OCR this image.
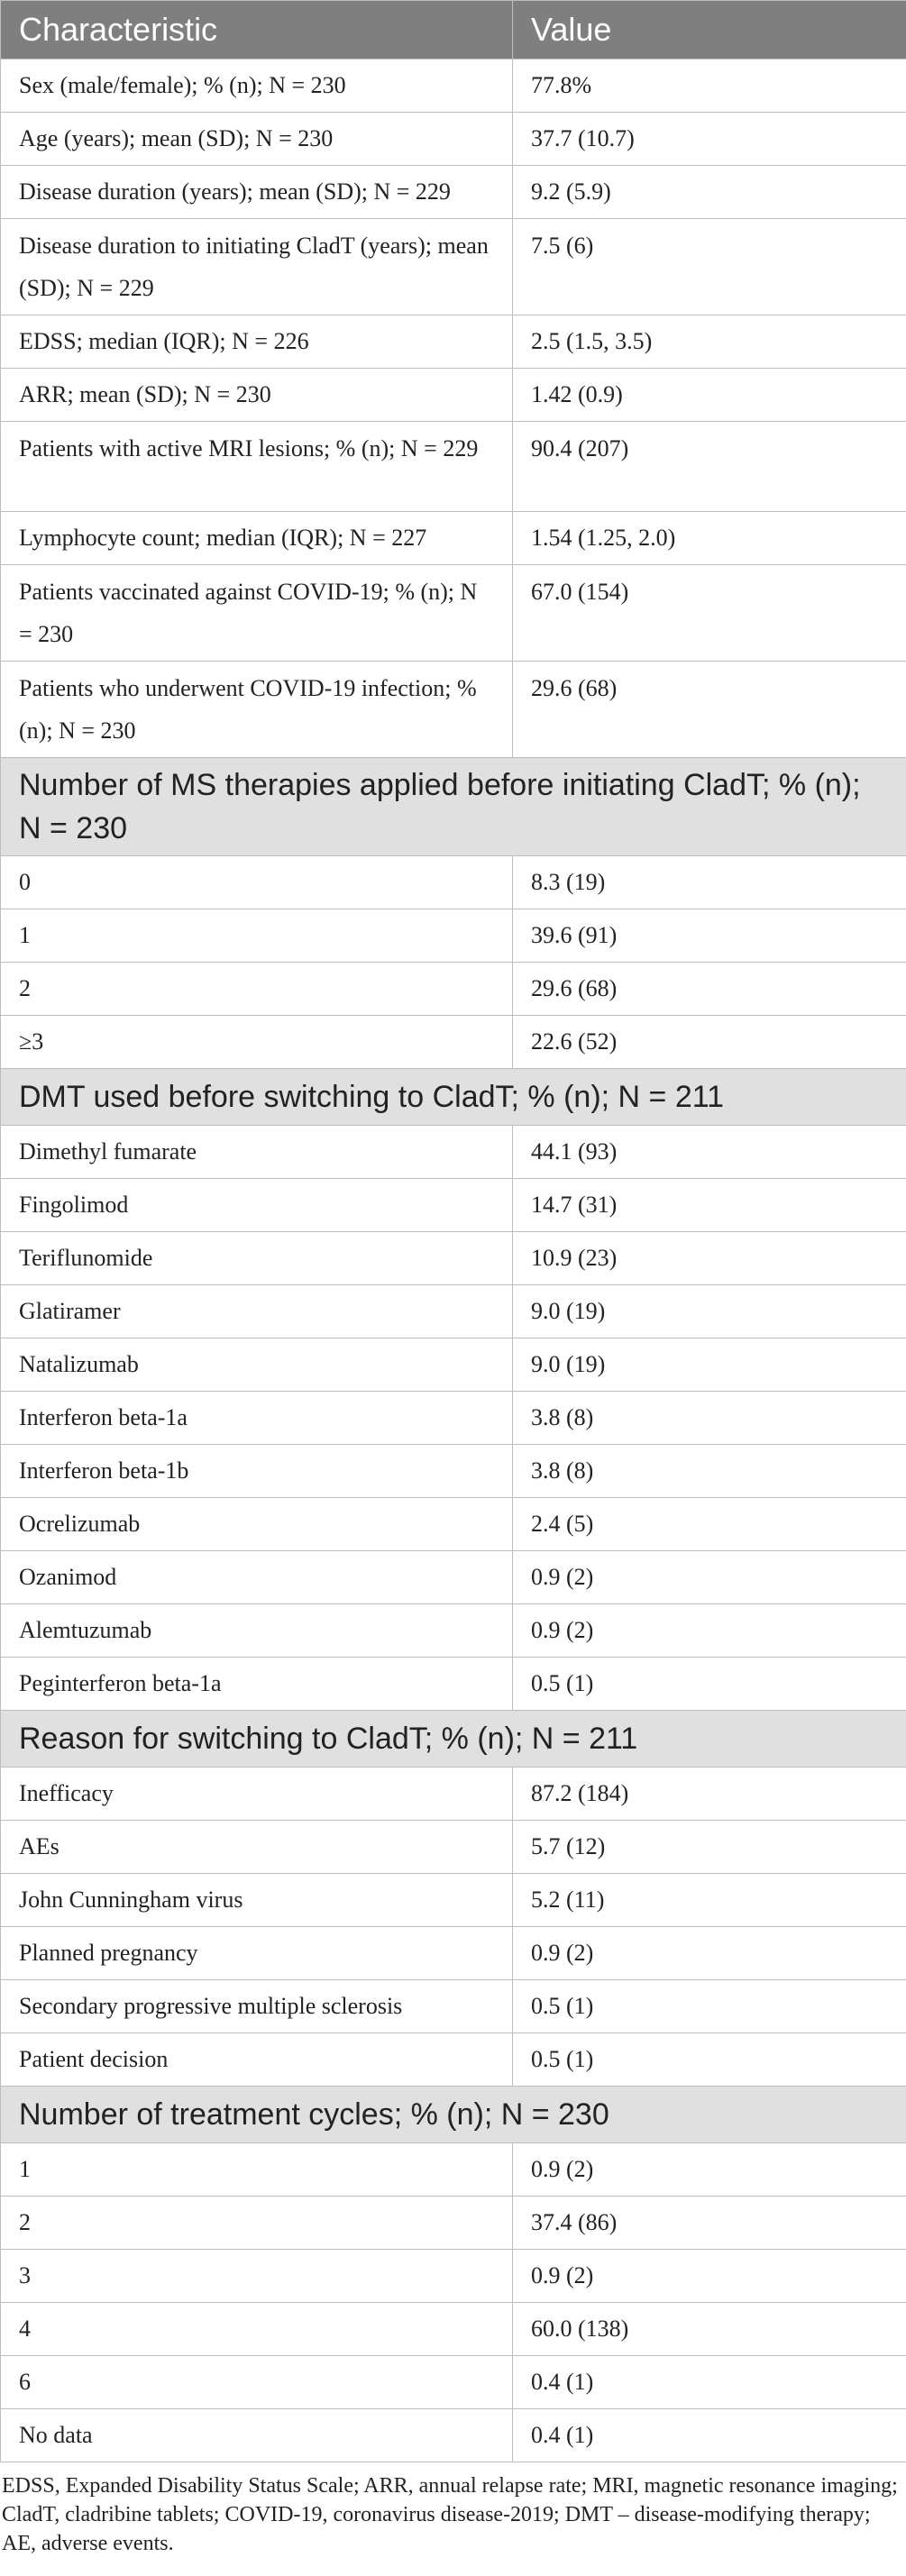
Characteristic	Value
Sex (male/female); % (n); N = 230	77.8%
Age (years); mean (SD); N = 230	37.7 (10.7)
Disease duration (years); mean (SD); N = 229	9.2 (5.9)
Disease duration to initiating CladT (years); mean (SD); N = 229	7.5 (6)
EDSS; median (IQR); N = 226	2.5 (1.5, 3.5)
ARR; mean (SD); N = 230	1.42 (0.9)
Patients with active MRI lesions; % (n); N = 229	90.4 (207)
Lymphocyte count; median (IQR); N = 227	1.54 (1.25, 2.0)
Patients vaccinated against COVID-19; % (n); N = 230	67.0 (154)
Patients who underwent COVID-19 infection; % (n); N = 230	29.6 (68)
Number of MS therapies applied before initiating CladT; % (n); N = 230	
0	8.3 (19)
1	39.6 (91)
2	29.6 (68)
≥3	22.6 (52)
DMT used before switching to CladT; % (n); N = 211	
Dimethyl fumarate	44.1 (93)
Fingolimod	14.7 (31)
Teriflunomide	10.9 (23)
Glatiramer	9.0 (19)
Natalizumab	9.0 (19)
Interferon beta-1a	3.8 (8)
Interferon beta-1b	3.8 (8)
Ocrelizumab	2.4 (5)
Ozanimod	0.9 (2)
Alemtuzumab	0.9 (2)
Peginterferon beta-1a	0.5 (1)
Reason for switching to CladT; % (n); N = 211	
Inefficacy	87.2 (184)
AEs	5.7 (12)
John Cunningham virus	5.2 (11)
Planned pregnancy	0.9 (2)
Secondary progressive multiple sclerosis	0.5 (1)
Patient decision	0.5 (1)
Number of treatment cycles; % (n); N = 230	
1	0.9 (2)
2	37.4 (86)
3	0.9 (2)
4	60.0 (138)
6	0.4 (1)
No data	0.4 (1)
EDSS, Expanded Disability Status Scale; ARR, annual relapse rate; MRI, magnetic resonance imaging; CladT, cladribine tablets; COVID-19, coronavirus disease-2019; DMT – disease-modifying therapy; AE, adverse events.
